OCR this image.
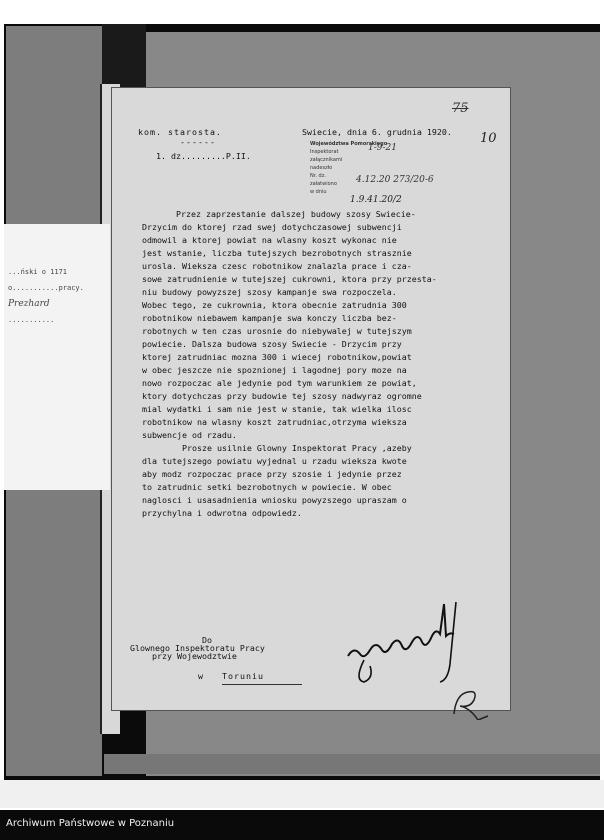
...ński o 1171
o...........pracy.
Prezhard
...........
75
kom. starosta.
------
Swiecie, dnia 6. grudnia 1920. 10
1. dz.........P.II.
Województwa Pomorskiego
Inspektorat
załącznikami
nadeszło
Nr. dz.
załatwiono
w dniu
1-9-21
4.12.20 273/20-6
1.9.41.20/2
Przez zaprzestanie dalszej budowy szosy Swiecie-
Drzycim do ktorej rzad swej dotychczasowej subwencji
odmowil a ktorej powiat na wlasny koszt wykonac nie
jest wstanie, liczba tutejszych bezrobotnych strasznie
urosla. Wieksza czesc robotnikow znalazla prace i cza-
sowe zatrudnienie w tutejszej cukrowni, ktora przy przesta-
niu budowy powyzszej szosy kampanje swa rozpoczela.
Wobec tego, ze cukrownia, ktora obecnie zatrudnia 300
robotnikow niebawem kampanje swa konczy liczba bez-
robotnych w ten czas urosnie do niebywalej w tutejszym
powiecie. Dalsza budowa szosy Swiecie - Drzycim przy
ktorej zatrudniac mozna 300 i wiecej robotnikow,powiat
w obec jeszcze nie spoznionej i lagodnej pory moze na
nowo rozpoczac ale jedynie pod tym warunkiem ze powiat,
ktory dotychczas przy budowie tej szosy nadwyraz ogromne
mial wydatki i sam nie jest w stanie, tak wielka ilosc
robotnikow na wlasny koszt zatrudniac,otrzyma wieksza
subwencje od rzadu.
Prosze usilnie Glowny Inspektorat Pracy ,azeby
dla tutejszego powiatu wyjednal u rzadu wieksza kwote
aby modz rozpoczac prace przy szosie i jedynie przez
to zatrudnic setki bezrobotnych w powiecie. W obec
naglosci i usasadnienia wniosku powyzszego upraszam o
przychylna i odwrotna odpowiedz.
Do
Glownego Inspektoratu Pracy
przy Wojewodztwie
w Toruniu
Archiwum Państwowe w Poznaniu
